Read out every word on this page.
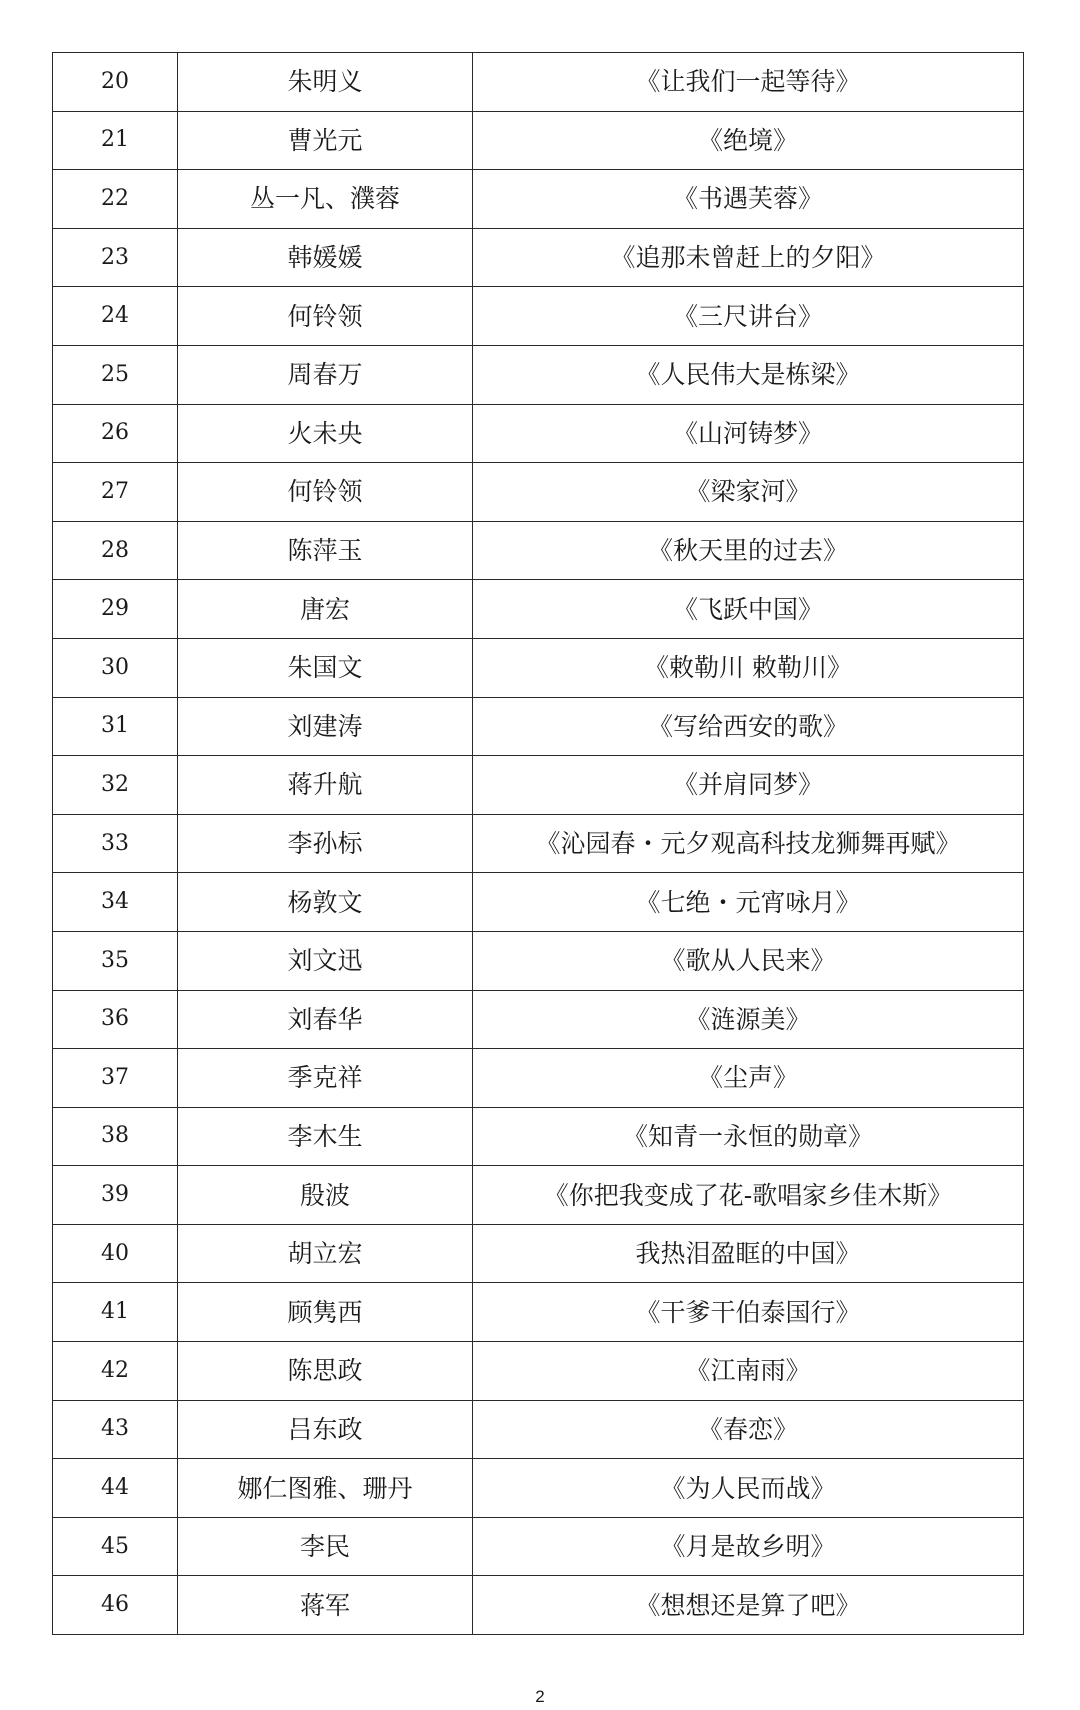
20	朱明义	《让我们一起等待》
21	曹光元	《绝境》
22	丛一凡、濮蓉	《书遇芙蓉》
23	韩媛媛	《追那未曾赶上的夕阳》
24	何铃领	《三尺讲台》
25	周春万	《人民伟大是栋梁》
26	火未央	《山河铸梦》
27	何铃领	《梁家河》
28	陈萍玉	《秋天里的过去》
29	唐宏	《飞跃中国》
30	朱国文	《敕勒川 敕勒川》
31	刘建涛	《写给西安的歌》
32	蒋升航	《并肩同梦》
33	李孙标	《沁园春・元夕观高科技龙狮舞再赋》
34	杨敦文	《七绝・元宵咏月》
35	刘文迅	《歌从人民来》
36	刘春华	《涟源美》
37	季克祥	《尘声》
38	李木生	《知青一永恒的勋章》
39	殷波	《你把我变成了花-歌唱家乡佳木斯》
40	胡立宏	我热泪盈眶的中国》
41	顾隽西	《干爹干伯泰国行》
42	陈思政	《江南雨》
43	吕东政	《春恋》
44	娜仁图雅、珊丹	《为人民而战》
45	李民	《月是故乡明》
46	蒋军	《想想还是算了吧》
2
